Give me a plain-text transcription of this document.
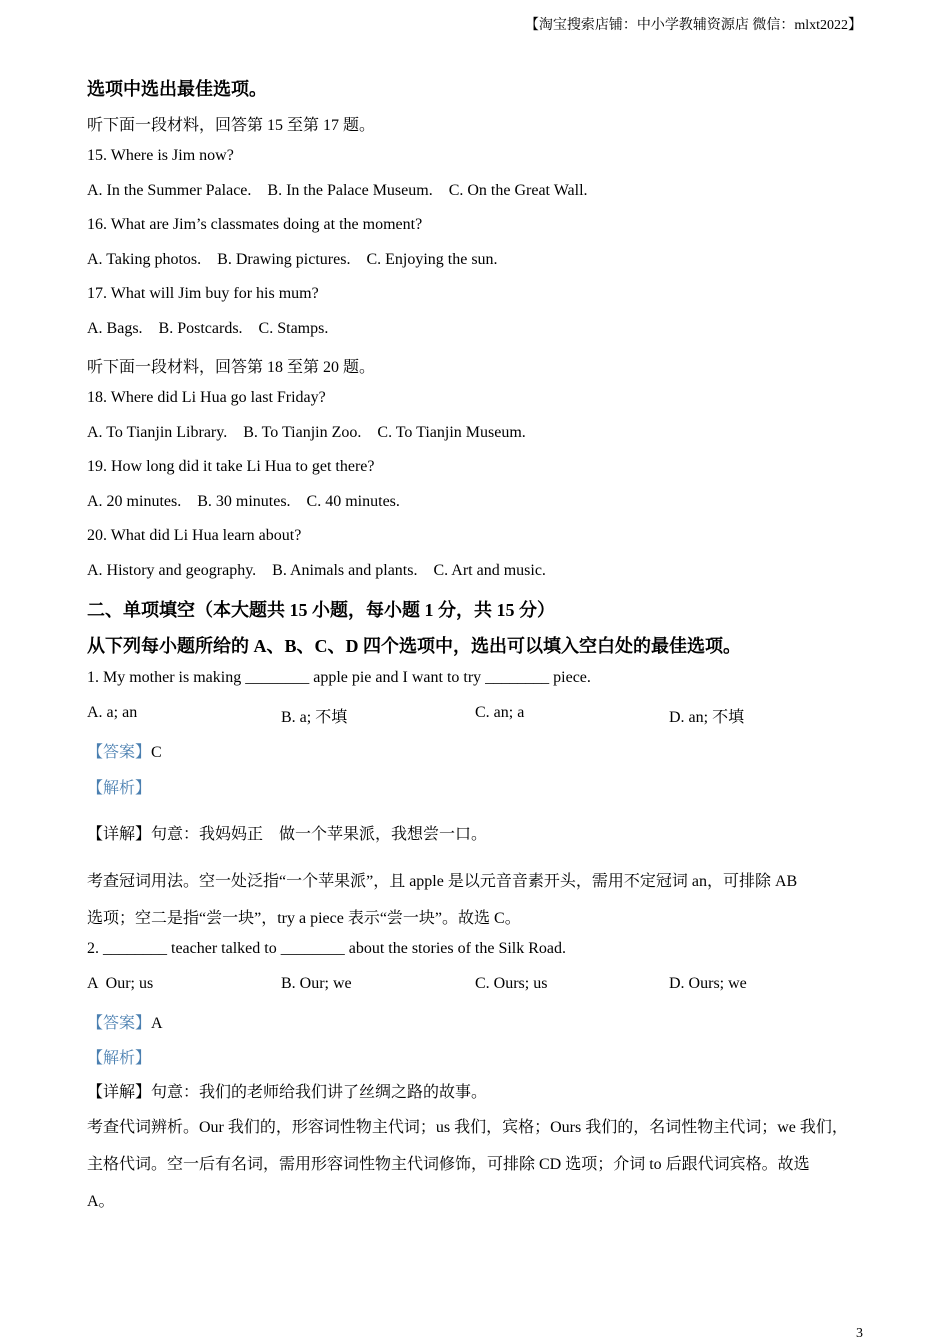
【淘宝搜索店铺：中小学教辅资源店 微信：mlxt2022】
选项中选出最佳选项。
听下面一段材料，回答第 15 至第 17 题。
15. Where is Jim now?
A. In the Summer Palace.    B. In the Palace Museum.    C. On the Great Wall.
16. What are Jim’s classmates doing at the moment?
A. Taking photos.    B. Drawing pictures.    C. Enjoying the sun.
17. What will Jim buy for his mum?
A. Bags.    B. Postcards.    C. Stamps.
听下面一段材料，回答第 18 至第 20 题。
18. Where did Li Hua go last Friday?
A. To Tianjin Library.    B. To Tianjin Zoo.    C. To Tianjin Museum.
19. How long did it take Li Hua to get there?
A. 20 minutes.    B. 30 minutes.    C. 40 minutes.
20. What did Li Hua learn about?
A. History and geography.    B. Animals and plants.    C. Art and music.
二、单项填空（本大题共 15 小题，每小题 1 分，共 15 分）
从下列每小题所给的 A、B、C、D 四个选项中，选出可以填入空白处的最佳选项。
1. My mother is making ________ apple pie and I want to try ________ piece.
A. a; an	B. a; 不填	C. an; a	D. an; 不填
【答案】C
【解析】
【详解】句意：我妈妈正    做一个苹果派，我想尝一口。
考查冠词用法。空一处泛指“一个苹果派”，且 apple 是以元音音素开头，需用不定冠词 an，可排除 AB
选项；空二是指“尝一块”，try a piece 表示“尝一块”。故选 C。
2. ________ teacher talked to ________ about the stories of the Silk Road.
A  Our; us	B. Our; we	C. Ours; us	D. Ours; we
【答案】A
【解析】
【详解】句意：我们的老师给我们讲了丝绸之路的故事。
考查代词辨析。Our 我们的，形容词性物主代词；us 我们，宾格；Ours 我们的，名词性物主代词；we 我们，
主格代词。空一后有名词，需用形容词性物主代词修饰，可排除 CD 选项；介词 to 后跟代词宾格。故选
A。
3
